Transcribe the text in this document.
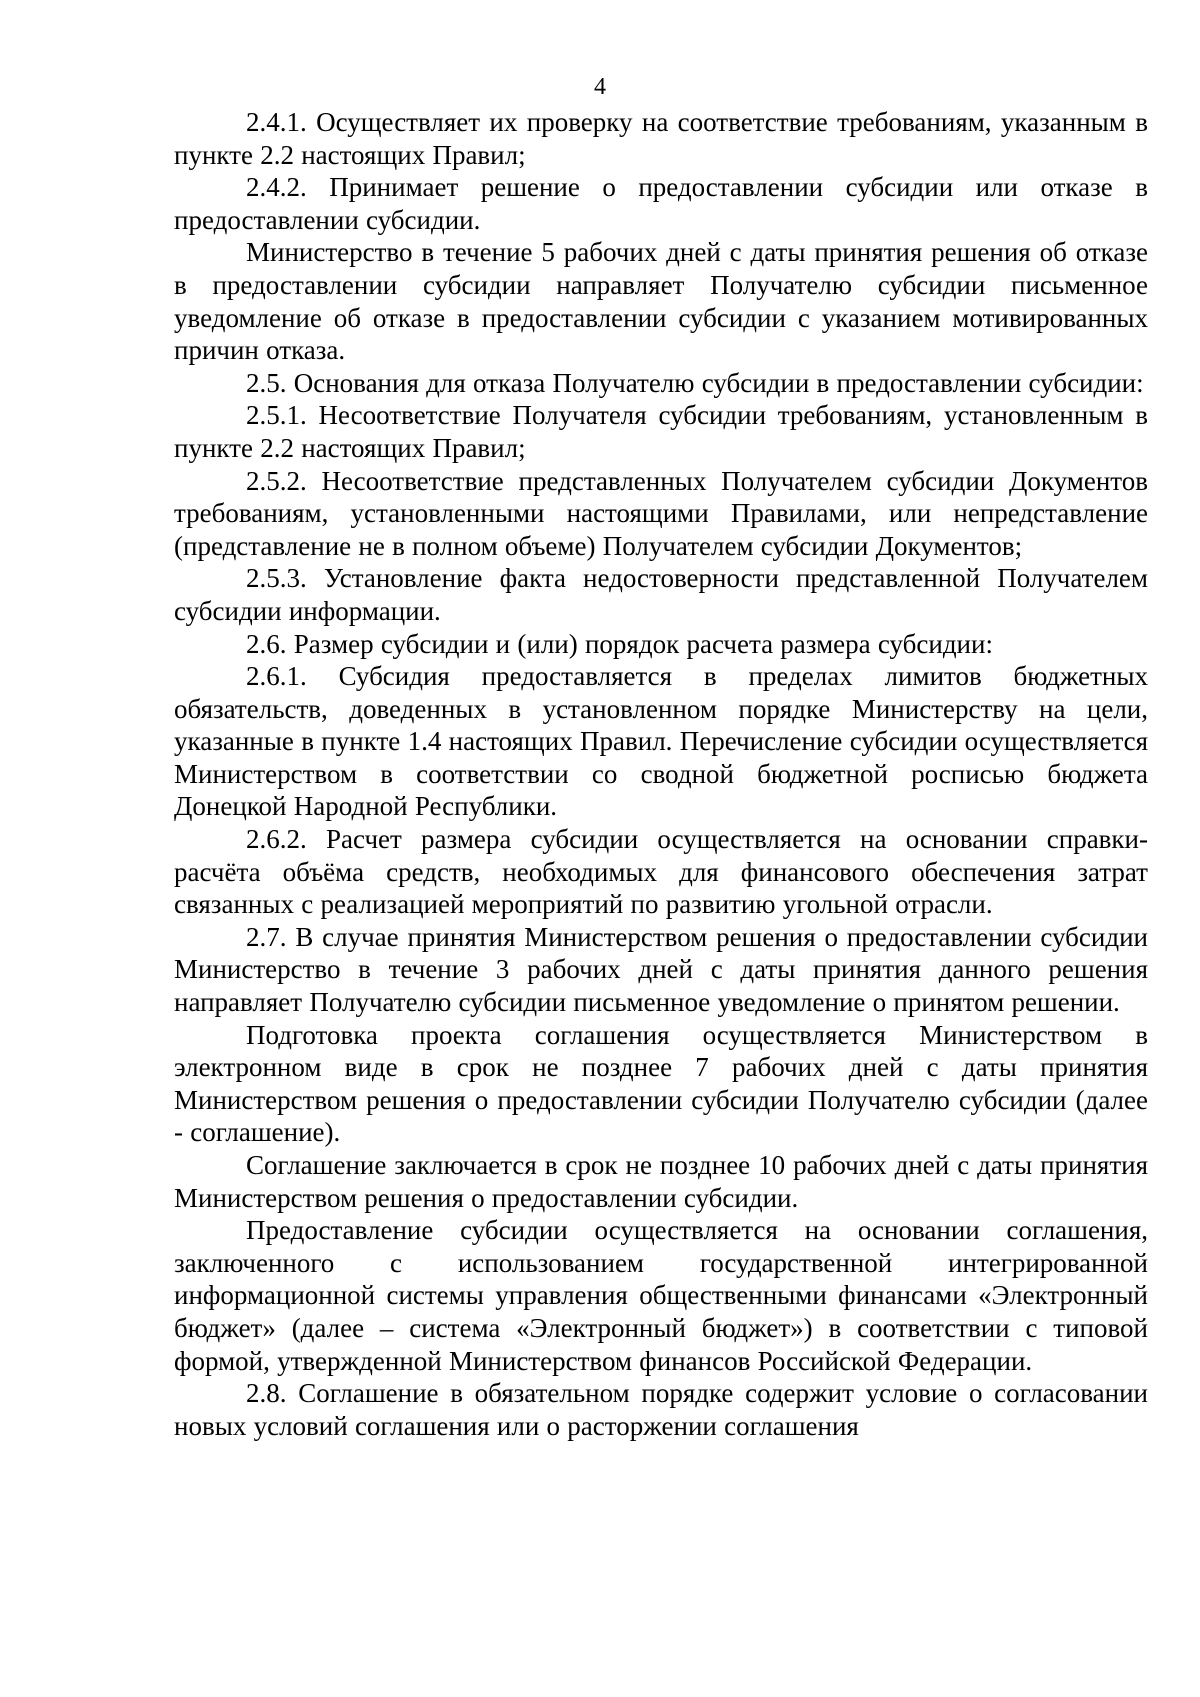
4

2.4.1. Осуществляет их проверку на соответствие требованиям, указанным в пункте 2.2 настоящих Правил;

2.4.2. Принимает решение о предоставлении субсидии или отказе в предоставлении субсидии.

Министерство в течение 5 рабочих дней с даты принятия решения об отказе в предоставлении субсидии направляет Получателю субсидии письменное уведомление об отказе в предоставлении субсидии с указанием мотивированных причин отказа.

2.5. Основания для отказа Получателю субсидии в предоставлении субсидии:

2.5.1. Несоответствие Получателя субсидии требованиям, установленным в пункте 2.2 настоящих Правил;

2.5.2. Несоответствие представленных Получателем субсидии Документов требованиям, установленными настоящими Правилами, или непредставление (представление не в полном объеме) Получателем субсидии Документов;

2.5.3. Установление факта недостоверности представленной Получателем субсидии информации.

2.6. Размер субсидии и (или) порядок расчета размера субсидии:

2.6.1. Субсидия предоставляется в пределах лимитов бюджетных обязательств, доведенных в установленном порядке Министерству на цели, указанные в пункте 1.4 настоящих Правил. Перечисление субсидии осуществляется Министерством в соответствии со сводной бюджетной росписью бюджета Донецкой Народной Республики.

2.6.2. Расчет размера субсидии осуществляется на основании справки-расчёта объёма средств, необходимых для финансового обеспечения затрат связанных с реализацией мероприятий по развитию угольной отрасли.

2.7. В случае принятия Министерством решения о предоставлении субсидии Министерство в течение 3 рабочих дней с даты принятия данного решения направляет Получателю субсидии письменное уведомление о принятом решении.

Подготовка проекта соглашения осуществляется Министерством в электронном виде в срок не позднее 7 рабочих дней с даты принятия Министерством решения о предоставлении субсидии Получателю субсидии (далее - соглашение).

Соглашение заключается в срок не позднее 10 рабочих дней с даты принятия Министерством решения о предоставлении субсидии.

Предоставление субсидии осуществляется на основании соглашения, заключенного с использованием государственной интегрированной информационной системы управления общественными финансами «Электронный бюджет» (далее – система «Электронный бюджет») в соответствии с типовой формой, утвержденной Министерством финансов Российской Федерации.

2.8. Соглашение в обязательном порядке содержит условие о согласовании новых условий соглашения или о расторжении соглашения
